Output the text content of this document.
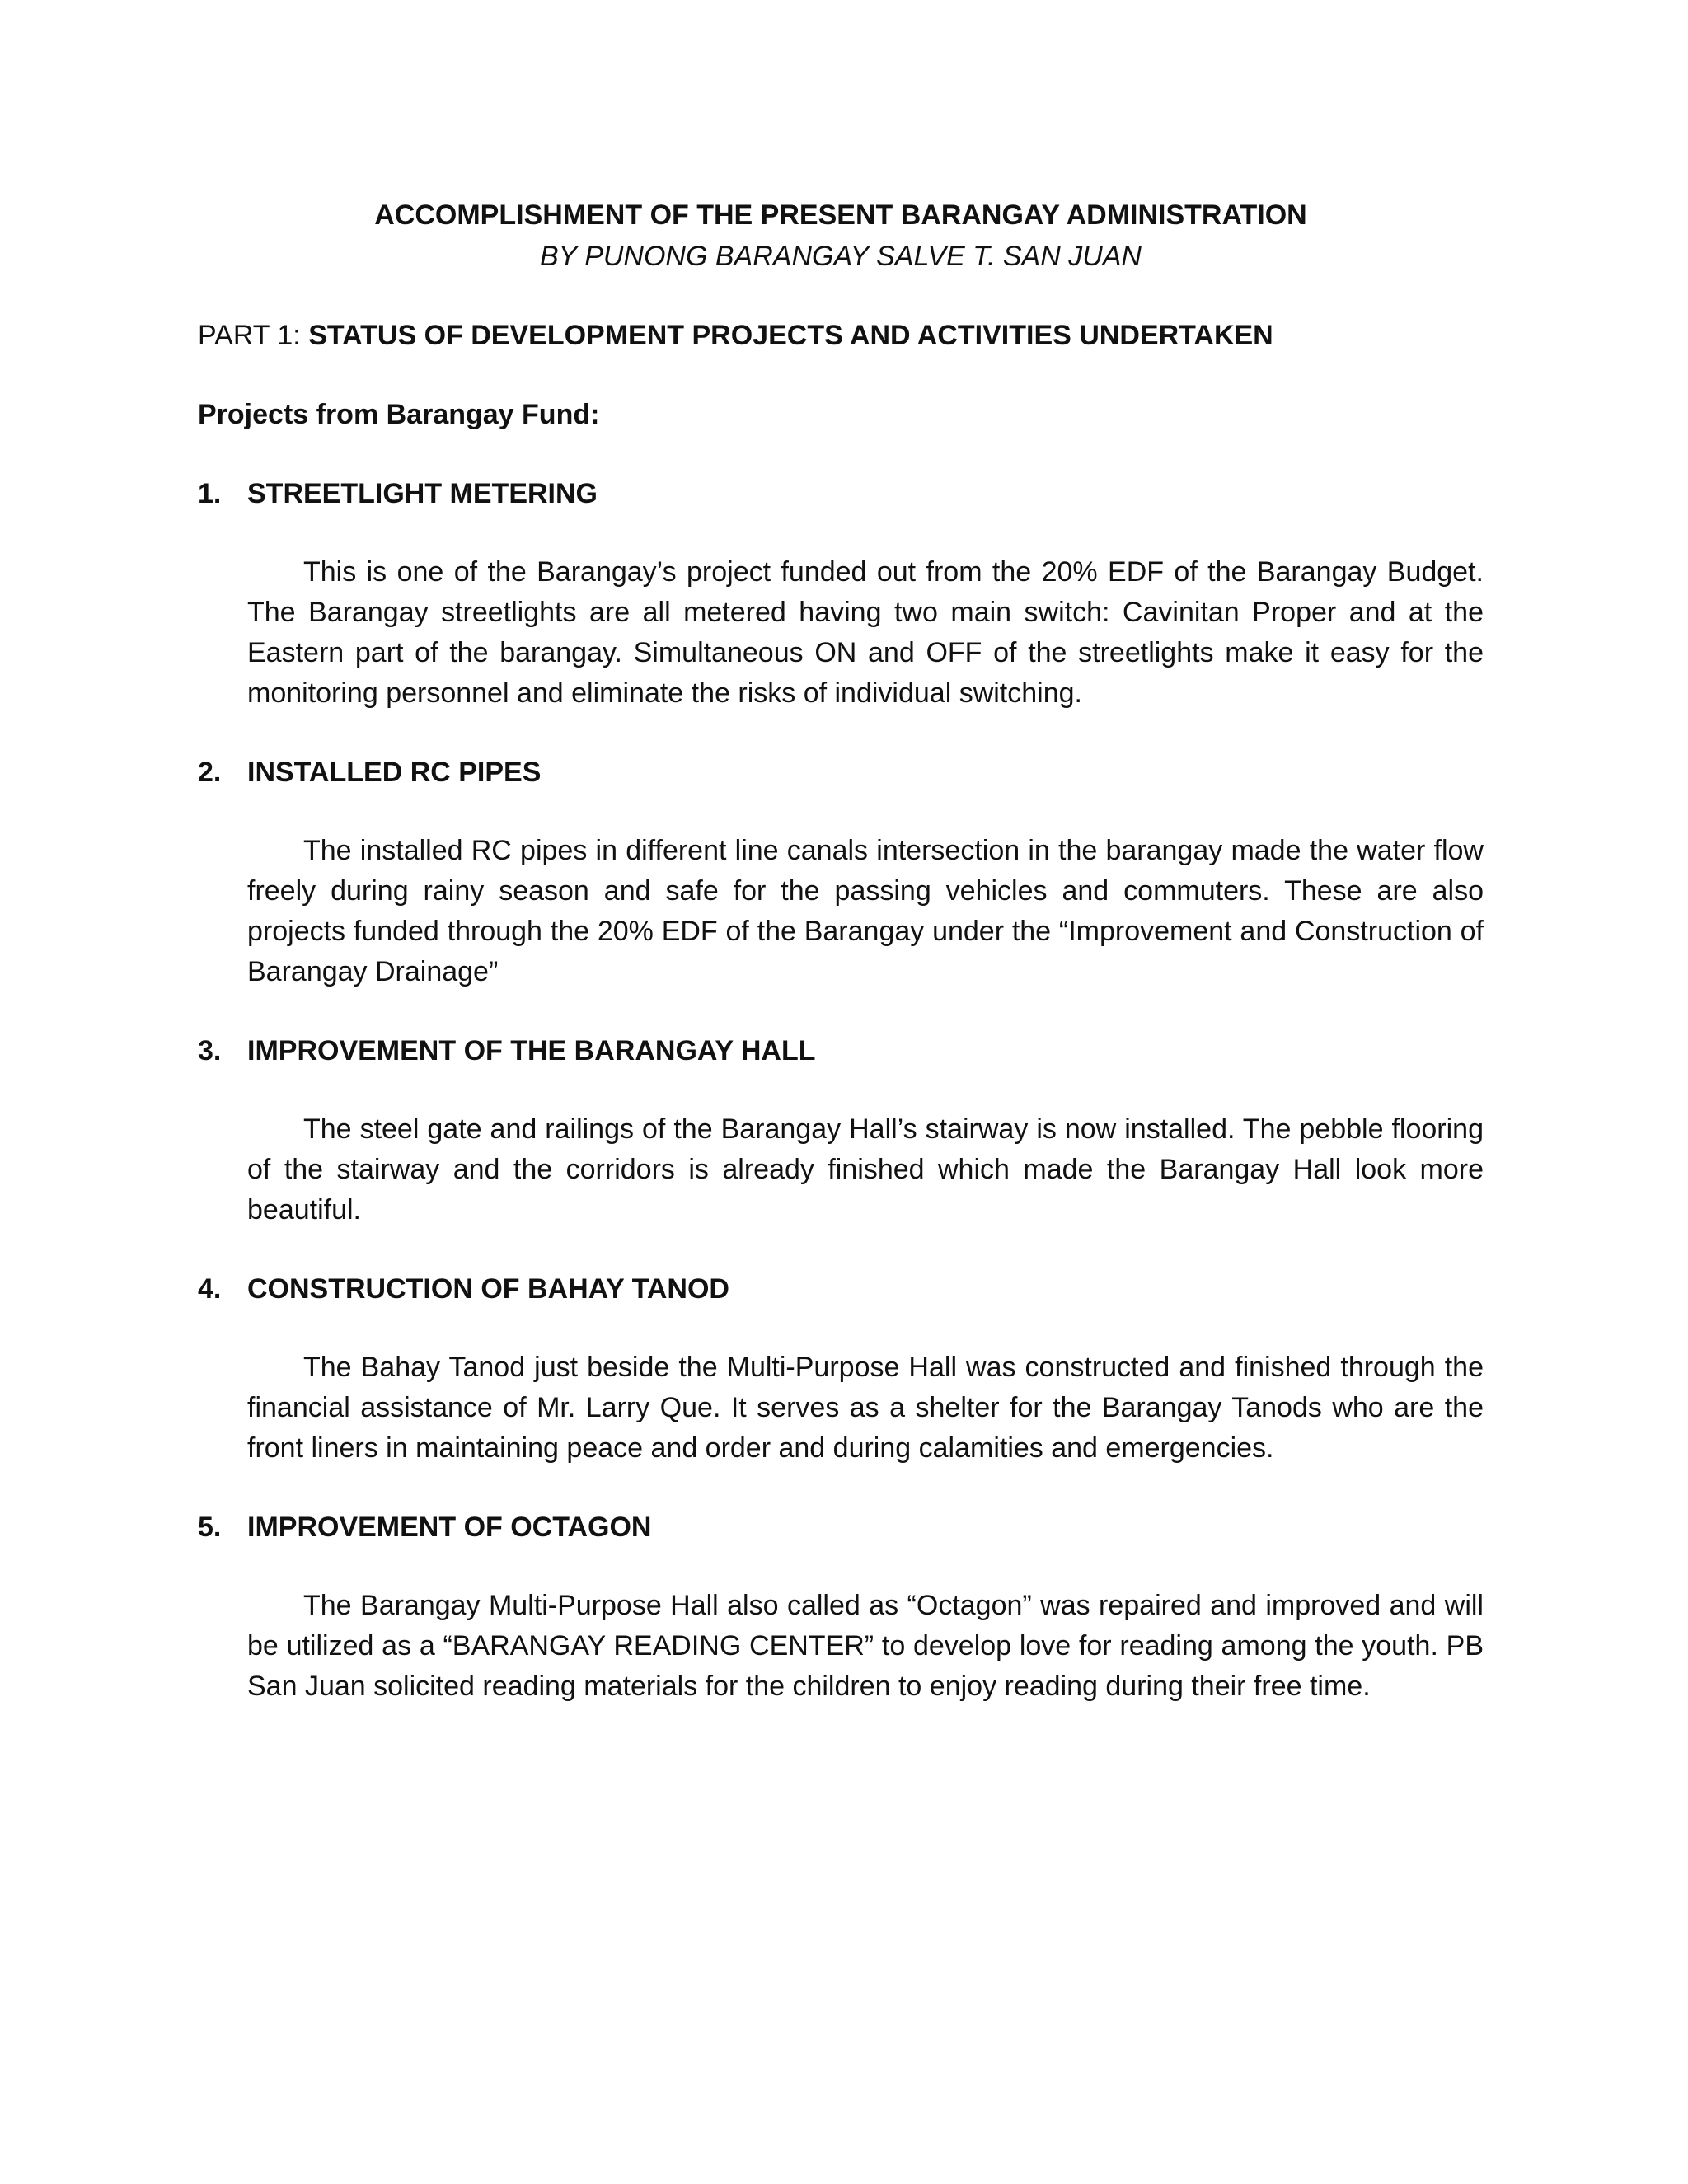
ACCOMPLISHMENT OF THE PRESENT BARANGAY ADMINISTRATION

BY PUNONG BARANGAY SALVE T. SAN JUAN

PART 1: STATUS OF DEVELOPMENT PROJECTS AND ACTIVITIES UNDERTAKEN
Projects from Barangay Fund:
1. STREETLIGHT METERING
This is one of the Barangay’s project funded out from the 20% EDF of the Barangay Budget. The Barangay streetlights are all metered having two main switch: Cavinitan Proper and at the Eastern part of the barangay. Simultaneous ON and OFF of the streetlights make it easy for the monitoring personnel and eliminate the risks of individual switching.
2. INSTALLED RC PIPES
The installed RC pipes in different line canals intersection in the barangay made the water flow freely during rainy season and safe for the passing vehicles and commuters. These are also projects funded through the 20% EDF of the Barangay under the “Improvement and Construction of Barangay Drainage”
3. IMPROVEMENT OF THE BARANGAY HALL
The steel gate and railings of the Barangay Hall’s stairway is now installed. The pebble flooring of the stairway and the corridors is already finished which made the Barangay Hall look more beautiful.
4. CONSTRUCTION OF BAHAY TANOD
The Bahay Tanod just beside the Multi-Purpose Hall was constructed and finished through the financial assistance of Mr. Larry Que. It serves as a shelter for the Barangay Tanods who are the front liners in maintaining peace and order and during calamities and emergencies.
5. IMPROVEMENT OF OCTAGON
The Barangay Multi-Purpose Hall also called as “Octagon” was repaired and improved and will be utilized as a “BARANGAY READING CENTER” to develop love for reading among the youth. PB San Juan solicited reading materials for the children to enjoy reading during their free time.
